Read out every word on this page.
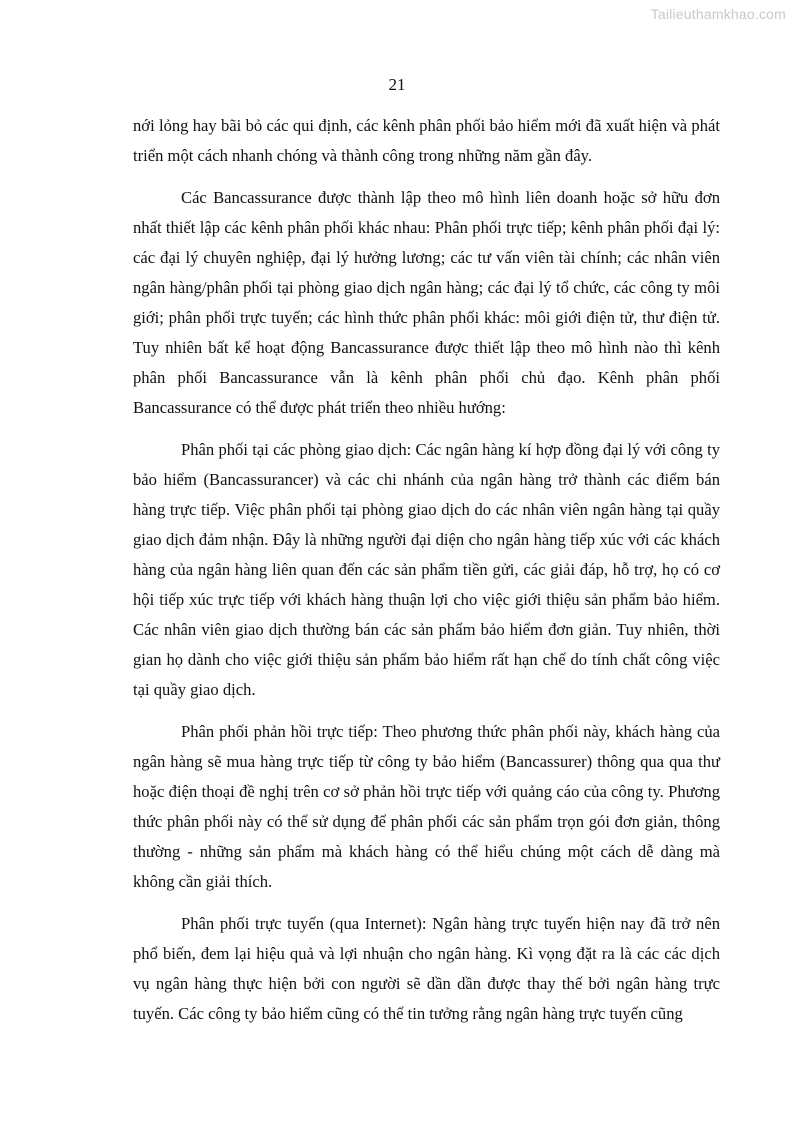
Tailieuthamkhao.com
21

nới lỏng hay bãi bỏ các qui định, các kênh phân phối bảo hiểm mới đã xuất hiện và phát triển một cách nhanh chóng và thành công trong những năm gần đây.

Các Bancassurance được thành lập theo mô hình liên doanh hoặc sở hữu đơn nhất thiết lập các kênh phân phối khác nhau: Phân phối trực tiếp; kênh phân phối đại lý: các đại lý chuyên nghiệp, đại lý hưởng lương; các tư vấn viên tài chính; các nhân viên ngân hàng/phân phối tại phòng giao dịch ngân hàng; các đại lý tổ chức, các công ty môi giới; phân phối trực tuyến; các hình thức phân phối khác: môi giới điện tử, thư điện tử. Tuy nhiên bất kể hoạt động Bancassurance được thiết lập theo mô hình nào thì kênh phân phối Bancassurance vẫn là kênh phân phối chủ đạo. Kênh phân phối Bancassurance có thể được phát triển theo nhiều hướng:

Phân phối tại các phòng giao dịch: Các ngân hàng kí hợp đồng đại lý với công ty bảo hiểm (Bancassurancer) và các chi nhánh của ngân hàng trở thành các điểm bán hàng trực tiếp. Việc phân phối tại phòng giao dịch do các nhân viên ngân hàng tại quầy giao dịch đảm nhận. Đây là những người đại diện cho ngân hàng tiếp xúc với các khách hàng của ngân hàng liên quan đến các sản phẩm tiền gửi, các giải đáp, hỗ trợ, họ có cơ hội tiếp xúc trực tiếp với khách hàng thuận lợi cho việc giới thiệu sản phẩm bảo hiểm. Các nhân viên giao dịch thường bán các sản phẩm bảo hiểm đơn giản. Tuy nhiên, thời gian họ dành cho việc giới thiệu sản phẩm bảo hiểm rất hạn chế do tính chất công việc tại quầy giao dịch.

Phân phối phản hồi trực tiếp: Theo phương thức phân phối này, khách hàng của ngân hàng sẽ mua hàng trực tiếp từ công ty bảo hiểm (Bancassurer) thông qua qua thư hoặc điện thoại đề nghị trên cơ sở phản hồi trực tiếp với quảng cáo của công ty. Phương thức phân phối này có thể sử dụng để phân phối các sản phẩm trọn gói đơn giản, thông thường - những sản phẩm mà khách hàng có thể hiểu chúng một cách dễ dàng mà không cần giải thích.

Phân phối trực tuyến (qua Internet): Ngân hàng trực tuyến hiện nay đã trở nên phổ biến, đem lại hiệu quả và lợi nhuận cho ngân hàng. Kì vọng đặt ra là các các dịch vụ ngân hàng thực hiện bởi con người sẽ dần dần được thay thế bởi ngân hàng trực tuyến. Các công ty bảo hiểm cũng có thể tin tưởng rằng ngân hàng trực tuyến cũng
